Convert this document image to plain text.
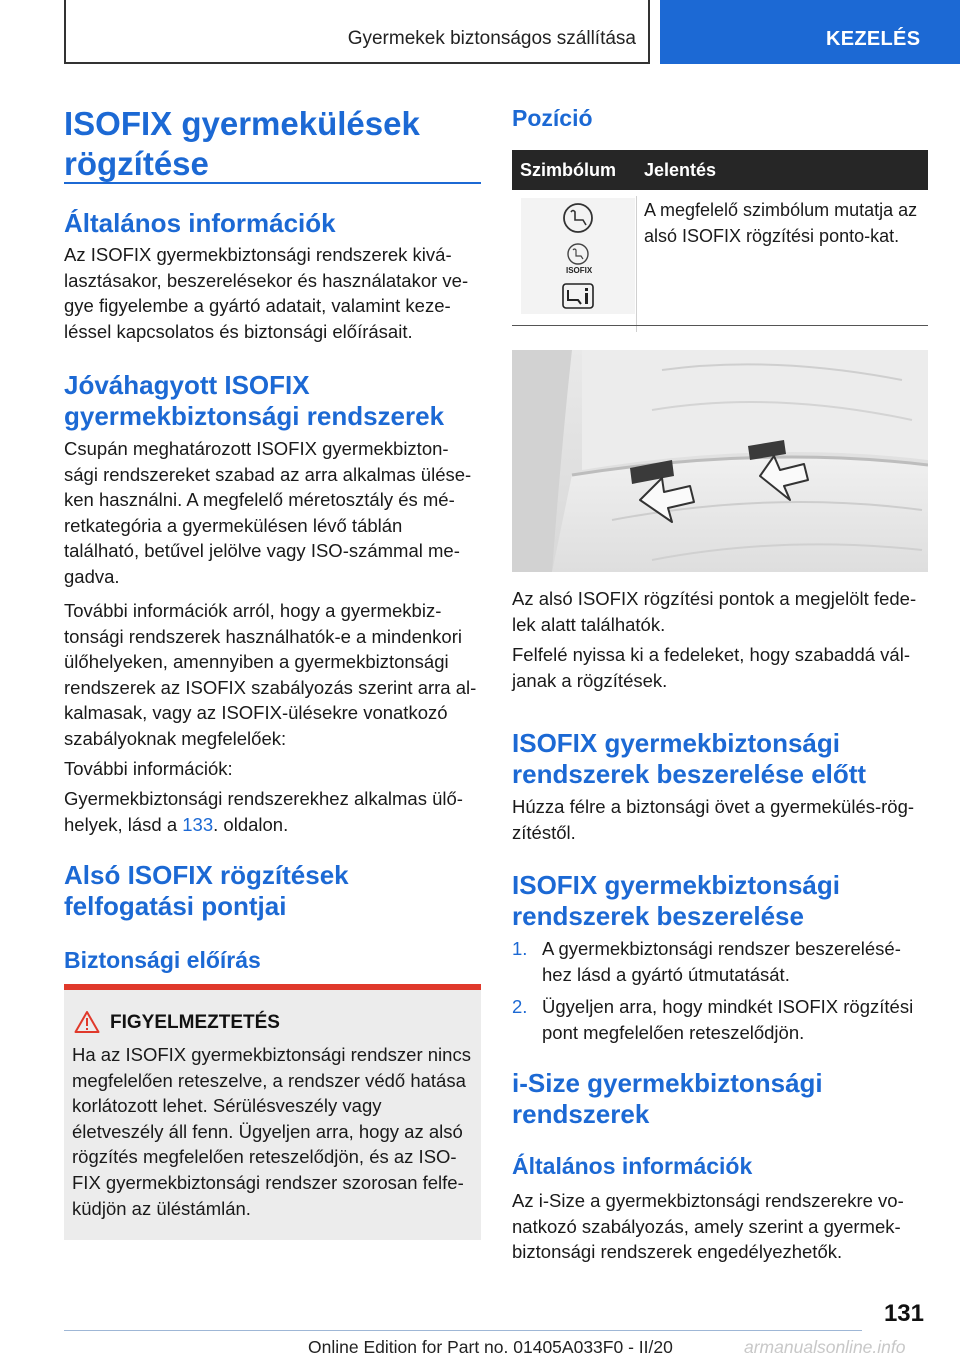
Gyermekek biztonságos szállítása	KEZELÉS
ISOFIX gyermekülések rögzítése
Általános információk
Az ISOFIX gyermekbiztonsági rendszerek kivá-lasztásakor, beszerelésekor és használatakor ve-gye figyelembe a gyártó adatait, valamint keze-léssel kapcsolatos és biztonsági előírásait.
Jóváhagyott ISOFIX gyermekbiztonsági rendszerek
Csupán meghatározott ISOFIX gyermekbizton-sági rendszereket szabad az arra alkalmas ülése-ken használni. A megfelelő méretosztály és mé-retkategória a gyermekülésen lévő táblán található, betűvel jelölve vagy ISO-számmal me-gadva.
További információk arról, hogy a gyermekbiz-tonsági rendszerek használhatók-e a mindenkori ülőhelyeken, amennyiben a gyermekbiztonsági rendszerek az ISOFIX szabályozás szerint arra al-kalmasak, vagy az ISOFIX-ülésekre vonatkozó szabályoknak megfelelőek:
További információk:
Gyermekbiztonsági rendszerekhez alkalmas ülő-helyek, lásd a 133. oldalon.
Alsó ISOFIX rögzítések felfogatási pontjai
Biztonsági előírás
FIGYELMEZTETÉS
Ha az ISOFIX gyermekbiztonsági rendszer nincs megfelelően reteszelve, a rendszer védő hatása korlátozott lehet. Sérülésveszély vagy életveszély áll fenn. Ügyeljen arra, hogy az alsó rögzítés megfelelően reteszelődjön, és az ISO-FIX gyermekbiztonsági rendszer szorosan felfe-küdjön az üléstámlán.
Pozíció
Szimbólum Jelentés
ISOFIX
A megfelelő szimbólum mutatja az alsó ISOFIX rögzítési ponto-kat.
Az alsó ISOFIX rögzítési pontok a megjelölt fede-lek alatt találhatók.
Felfelé nyissa ki a fedeleket, hogy szabaddá vál-janak a rögzítések.
ISOFIX gyermekbiztonsági rendszerek beszerelése előtt
Húzza félre a biztonsági övet a gyermekülés-rög-zítéstől.
ISOFIX gyermekbiztonsági rendszerek beszerelése
1. A gyermekbiztonsági rendszer beszerelésé-hez lásd a gyártó útmutatását.
2. Ügyeljen arra, hogy mindkét ISOFIX rögzítési pont megfelelően reteszelődjön.
i-Size gyermekbiztonsági rendszerek
Általános információk
Az i-Size a gyermekbiztonsági rendszerekre vo-natkozó szabályozás, amely szerint a gyermek-biztonsági rendszerek engedélyezhetők.
131
Online Edition for Part no. 01405A033F0 - II/20	armanualsonline.info
